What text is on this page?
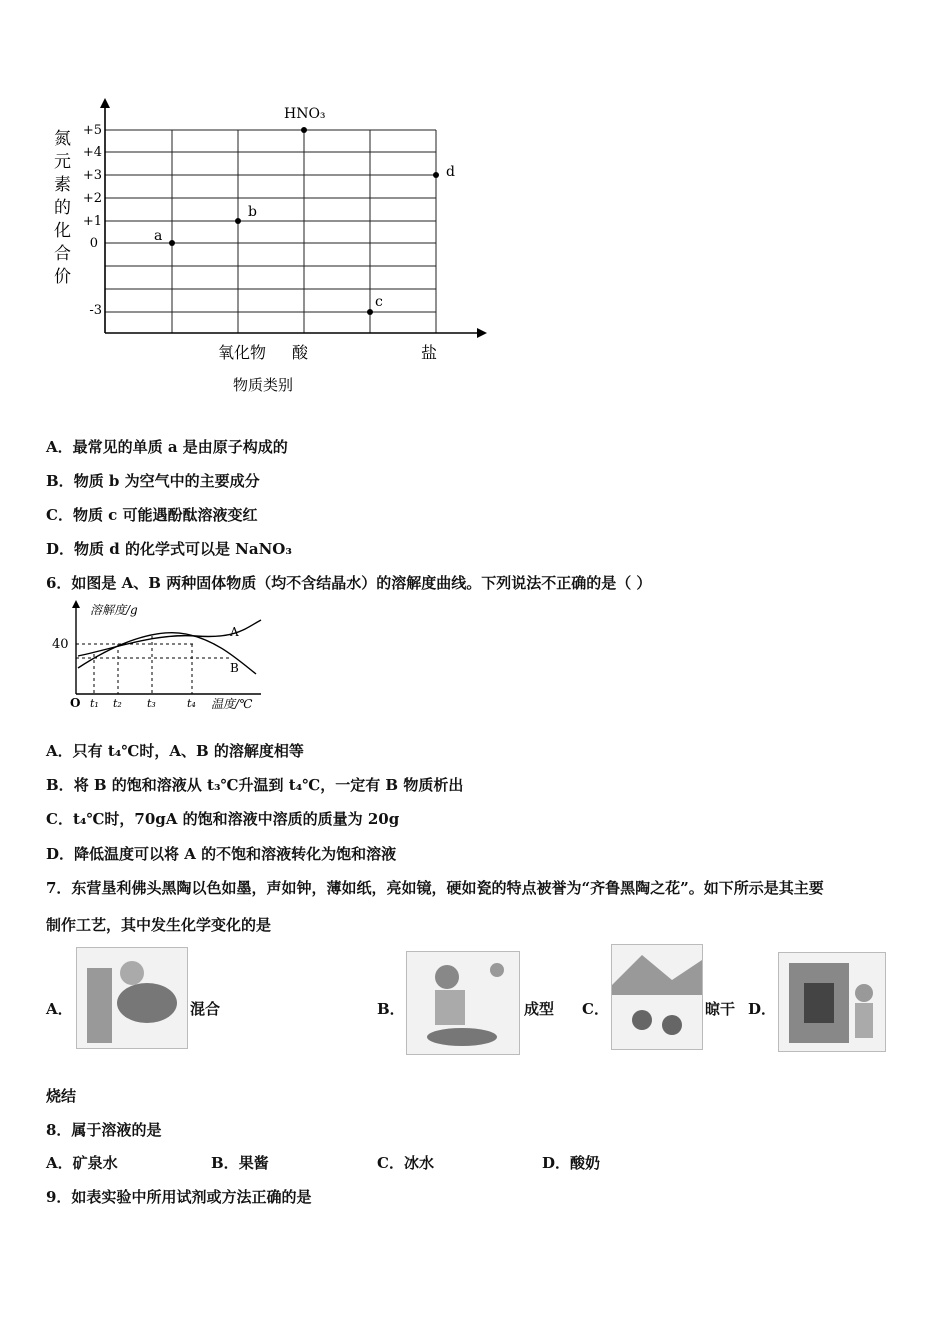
氮
元
素
的
化
合
价
+5
+4
+3
+2
+1
0
-3
HNO₃
a
b
c
d
氧化物 酸	盐
物质类别
A．最常见的单质 a 是由原子构成的
B．物质 b 为空气中的主要成分
C．物质 c 可能遇酚酞溶液变红
D．物质 d 的化学式可以是 NaNO₃
6．如图是 A、B 两种固体物质（均不含结晶水）的溶解度曲线。下列说法不正确的是（ ）
溶解度/g
40
A
B
O t₁ t₂ t₃	t₄ 温度/℃
A．只有 t₄℃时，A、B 的溶解度相等
B．将 B 的饱和溶液从 t₃℃升温到 t₄℃，一定有 B 物质析出
C．t₄℃时，70gA 的饱和溶液中溶质的质量为 20g
D．降低温度可以将 A 的不饱和溶液转化为饱和溶液
7．东营垦利佛头黑陶以色如墨，声如钟，薄如纸，亮如镜，硬如瓷的特点被誉为“齐鲁黑陶之花”。如下所示是其主要
制作工艺，其中发生化学变化的是
A．	混合	B．	成型 C．	晾干 D．
烧结
8．属于溶液的是
A．矿泉水	B．果酱	C．冰水	D．酸奶
9．如表实验中所用试剂或方法正确的是
